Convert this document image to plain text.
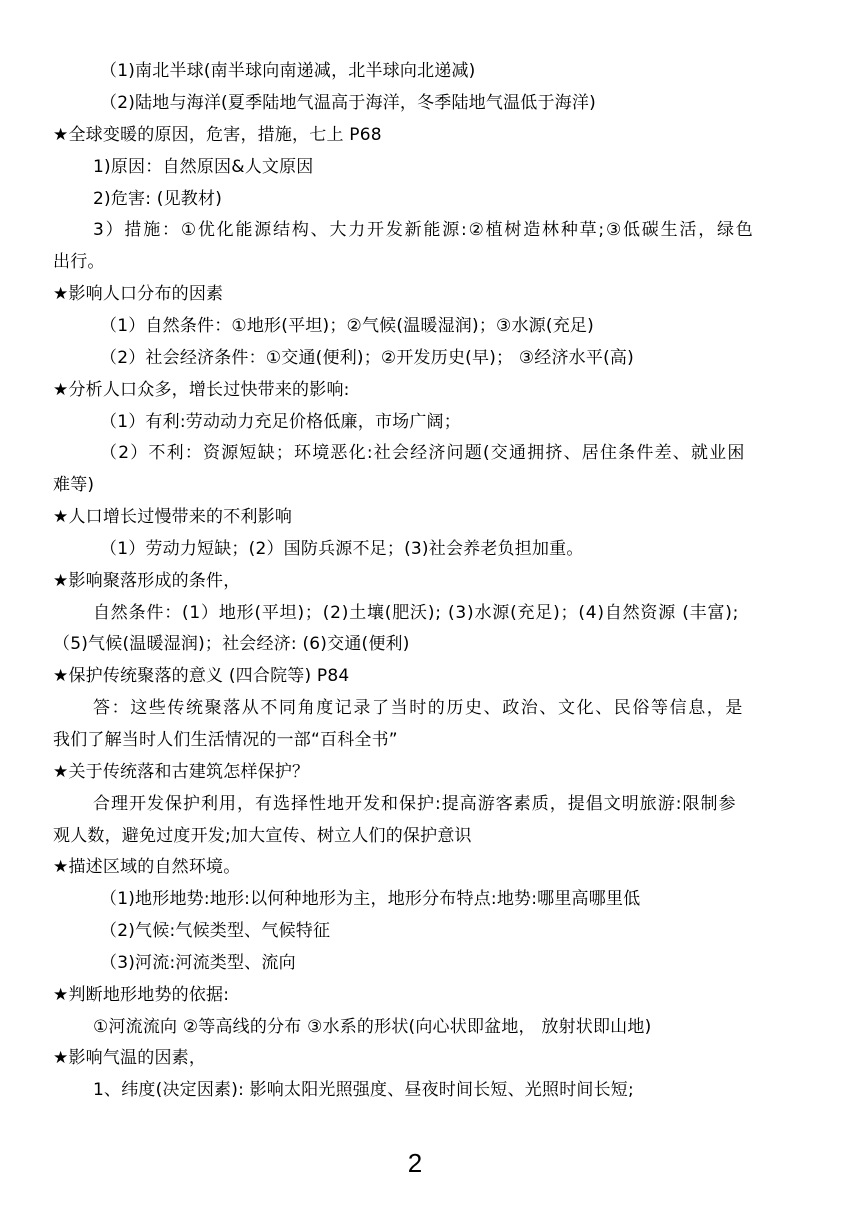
（1)南北半球(南半球向南递减，北半球向北递减)
（2)陆地与海洋(夏季陆地气温高于海洋，冬季陆地气温低于海洋)
★全球变暖的原因，危害，措施，七上 P68
1)原因：自然原因&人文原因
2)危害: (见教材)
3）措施：①优化能源结构、大力开发新能源:②植树造林种草;③低碳生活，绿色
出行。
★影响人口分布的因素
（1）自然条件：①地形(平坦)；②气候(温暖湿润)；③水源(充足)
（2）社会经济条件：①交通(便利)；②开发历史(早)； ③经济水平(高)
★分析人口众多，增长过快带来的影响:
（1）有利:劳动动力充足价格低廉，市场广阔；
（2）不利：资源短缺；环境恶化:社会经济问题(交通拥挤、居住条件差、就业困
难等)
★人口增长过慢带来的不利影响
（1）劳动力短缺；(2）国防兵源不足；(3)社会养老负担加重。
★影响聚落形成的条件，
自然条件：(1）地形(平坦)；(2)土壤(肥沃); (3)水源(充足)；(4)自然资源 (丰富);
（5)气候(温暖湿润)；社会经济: (6)交通(便利)
★保护传统聚落的意义 (四合院等) P84
答：这些传统聚落从不同角度记录了当时的历史、政治、文化、民俗等信息，是
我们了解当时人们生活情况的一部“百科全书”
★关于传统落和古建筑怎样保护？
合理开发保护利用，有选择性地开发和保护:提高游客素质，提倡文明旅游:限制参
观人数，避免过度开发;加大宣传、树立人们的保护意识
★描述区域的自然环境。
（1)地形地势:地形:以何种地形为主，地形分布特点:地势:哪里高哪里低
（2)气候:气候类型、气候特征
（3)河流:河流类型、流向
★判断地形地势的依据:
①河流流向 ②等高线的分布 ③水系的形状(向心状即盆地， 放射状即山地)
★影响气温的因素，
1、纬度(决定因素): 影响太阳光照强度、昼夜时间长短、光照时间长短;
2
